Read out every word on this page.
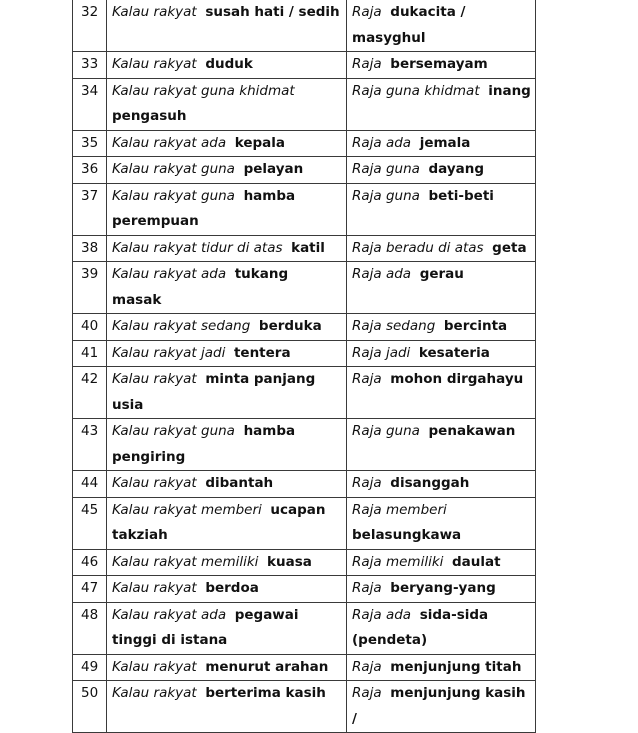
32	Kalau rakyat susah hati / sedih	Raja dukacita / masyghul
33	Kalau rakyat duduk	Raja bersemayam
34	Kalau rakyat guna khidmat  pengasuh	Raja guna khidmat inang
35	Kalau rakyat ada kepala	Raja ada jemala
36	Kalau rakyat guna pelayan	Raja guna dayang
37	Kalau rakyat guna hamba perempuan	Raja guna beti-beti
38	Kalau rakyat tidur di atas katil	Raja beradu di atas geta
39	Kalau rakyat ada tukang masak	Raja ada gerau
40	Kalau rakyat sedang berduka	Raja sedang bercinta
41	Kalau rakyat jadi tentera	Raja jadi kesateria
42	Kalau rakyat minta panjang usia	Raja mohon dirgahayu
43	Kalau rakyat guna hamba pengiring	Raja guna penakawan
44	Kalau rakyat dibantah	Raja disanggah
45	Kalau rakyat memberi ucapan takziah	Raja memberi  belasungkawa
46	Kalau rakyat memiliki kuasa	Raja memiliki daulat
47	Kalau rakyat berdoa	Raja beryang-yang
48	Kalau rakyat ada pegawai tinggi di istana	Raja ada sida-sida (pendeta)
49	Kalau rakyat menurut arahan	Raja menjunjung titah
50	Kalau rakyat berterima kasih	Raja menjunjung kasih /
